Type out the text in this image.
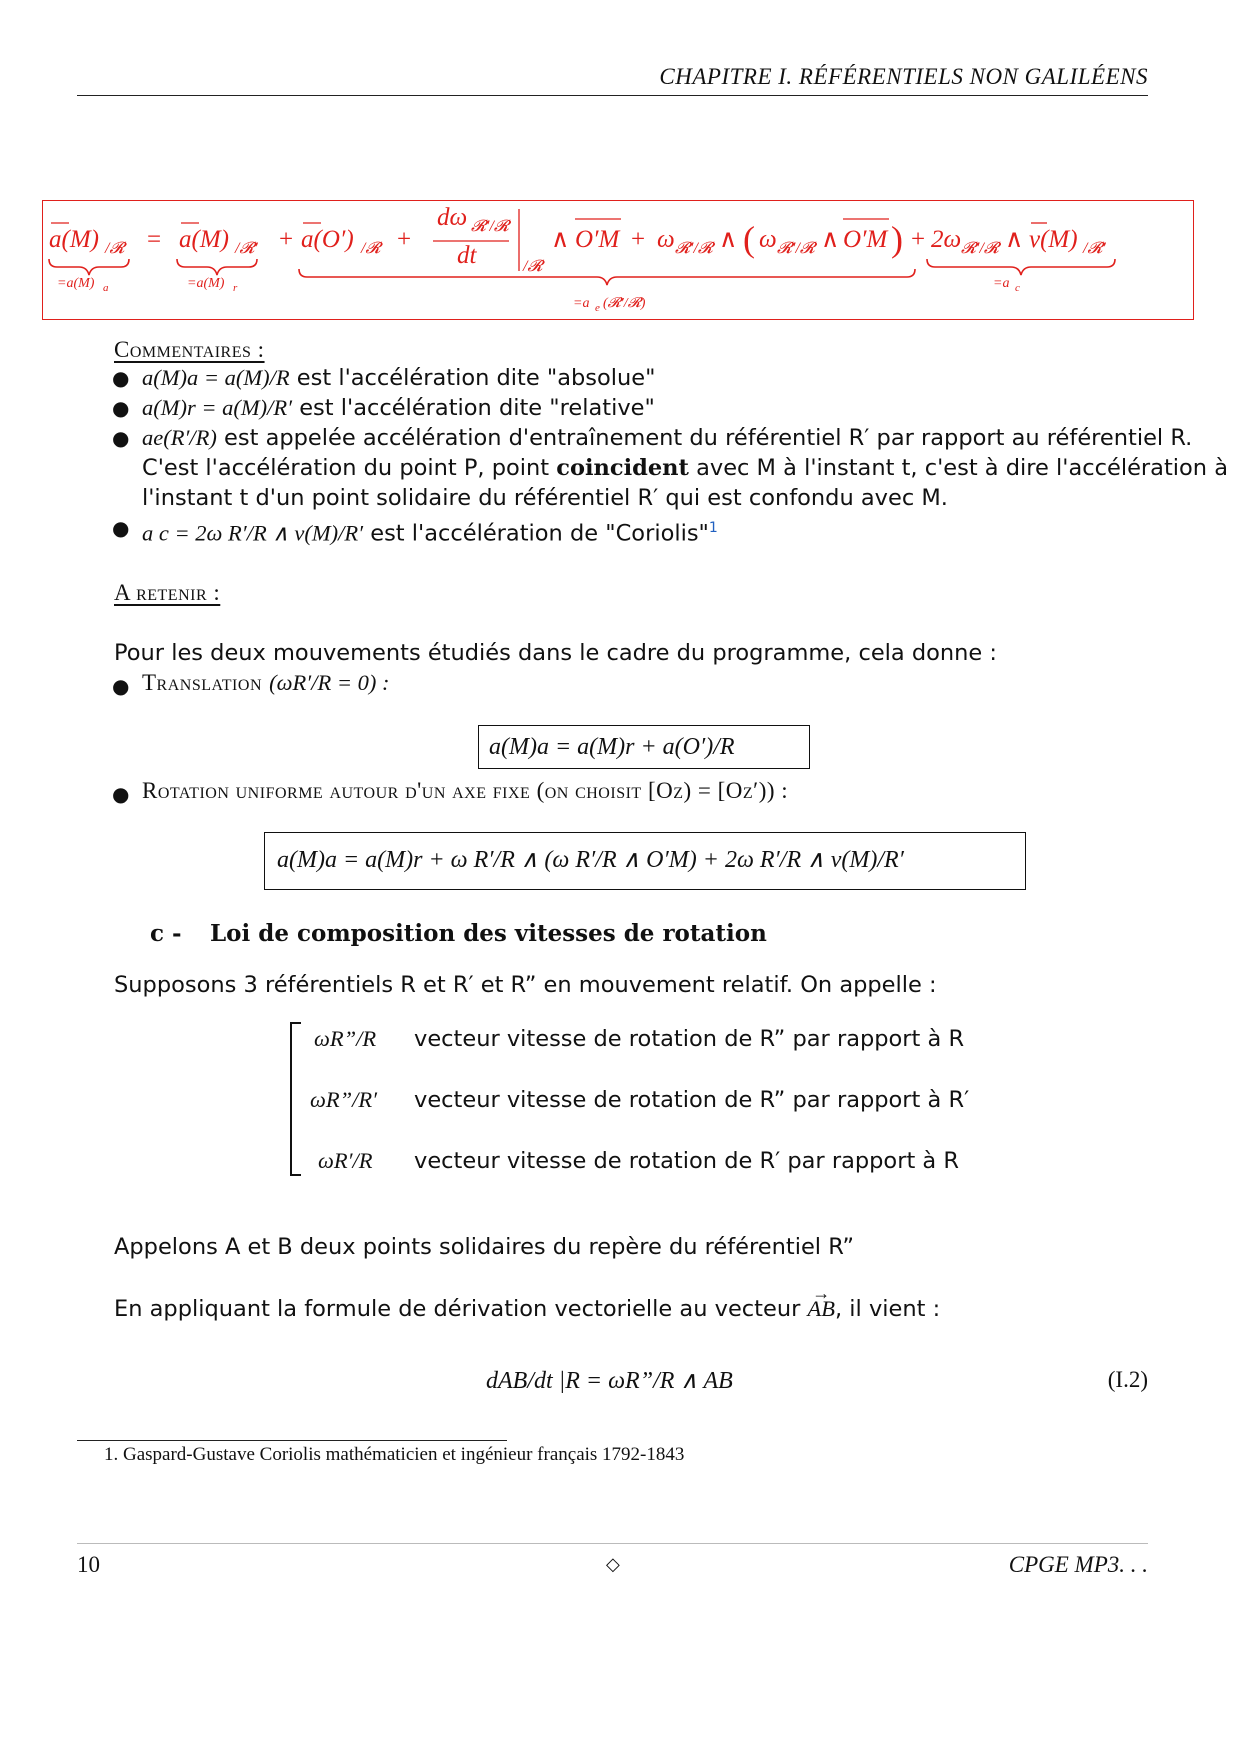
CHAPITRE I. RÉFÉRENTIELS NON GALILÉENS
a(M) /𝓡 = a(M) /𝓡′ + a(O′) /𝓡 +
dω 𝓡′/𝓡
dt	/𝓡
∧ O′M + ω 𝓡′/𝓡 ∧ ( ω 𝓡′/𝓡 ∧ O′M ) + 2ω 𝓡′/𝓡 ∧ v(M) /𝓡′
=a(M) a	=a(M) r
=a e (𝓡′/𝓡)
=a c
Commentaires :
● a(M)a = a(M)/R est l'accélération dite "absolue"
● a(M)r = a(M)/R′ est l'accélération dite "relative"
● ae(R′/R) est appelée accélération d'entraînement du référentiel R′ par rapport au référentiel R.
C'est l'accélération du point P, point coincident avec M à l'instant t, c'est à dire l'accélération à
l'instant t d'un point solidaire du référentiel R′ qui est confondu avec M.
● a c = 2ω R′/R ∧ v(M)/R′ est l'accélération de "Coriolis"$^1$
A retenir :
Pour les deux mouvements étudiés dans le cadre du programme, cela donne :
● Translation (ωR′/R = 0) :
a(M)a = a(M)r + a(O′)/R
● Rotation uniforme autour d'un axe fixe (on choisit [Oz) = [Oz′)) :
a(M)a = a(M)r + ω R′/R ∧ (ω R′/R ∧ O′M) + 2ω R′/R ∧ v(M)/R′
c - Loi de composition des vitesses de rotation
Supposons 3 référentiels R et R′ et R” en mouvement relatif. On appelle :
ωR”/R vecteur vitesse de rotation de R” par rapport à R
ωR”/R′ vecteur vitesse de rotation de R” par rapport à R′
ωR′/R vecteur vitesse de rotation de R′ par rapport à R
Appelons A et B deux points solidaires du repère du référentiel R”
En appliquant la formule de dérivation vectorielle au vecteur → AB, il vient :
dAB/dt |R = ωR”/R ∧ AB	(I.2)
1. Gaspard-Gustave Coriolis mathématicien et ingénieur français 1792-1843
10	◇	CPGE MP3. . .
